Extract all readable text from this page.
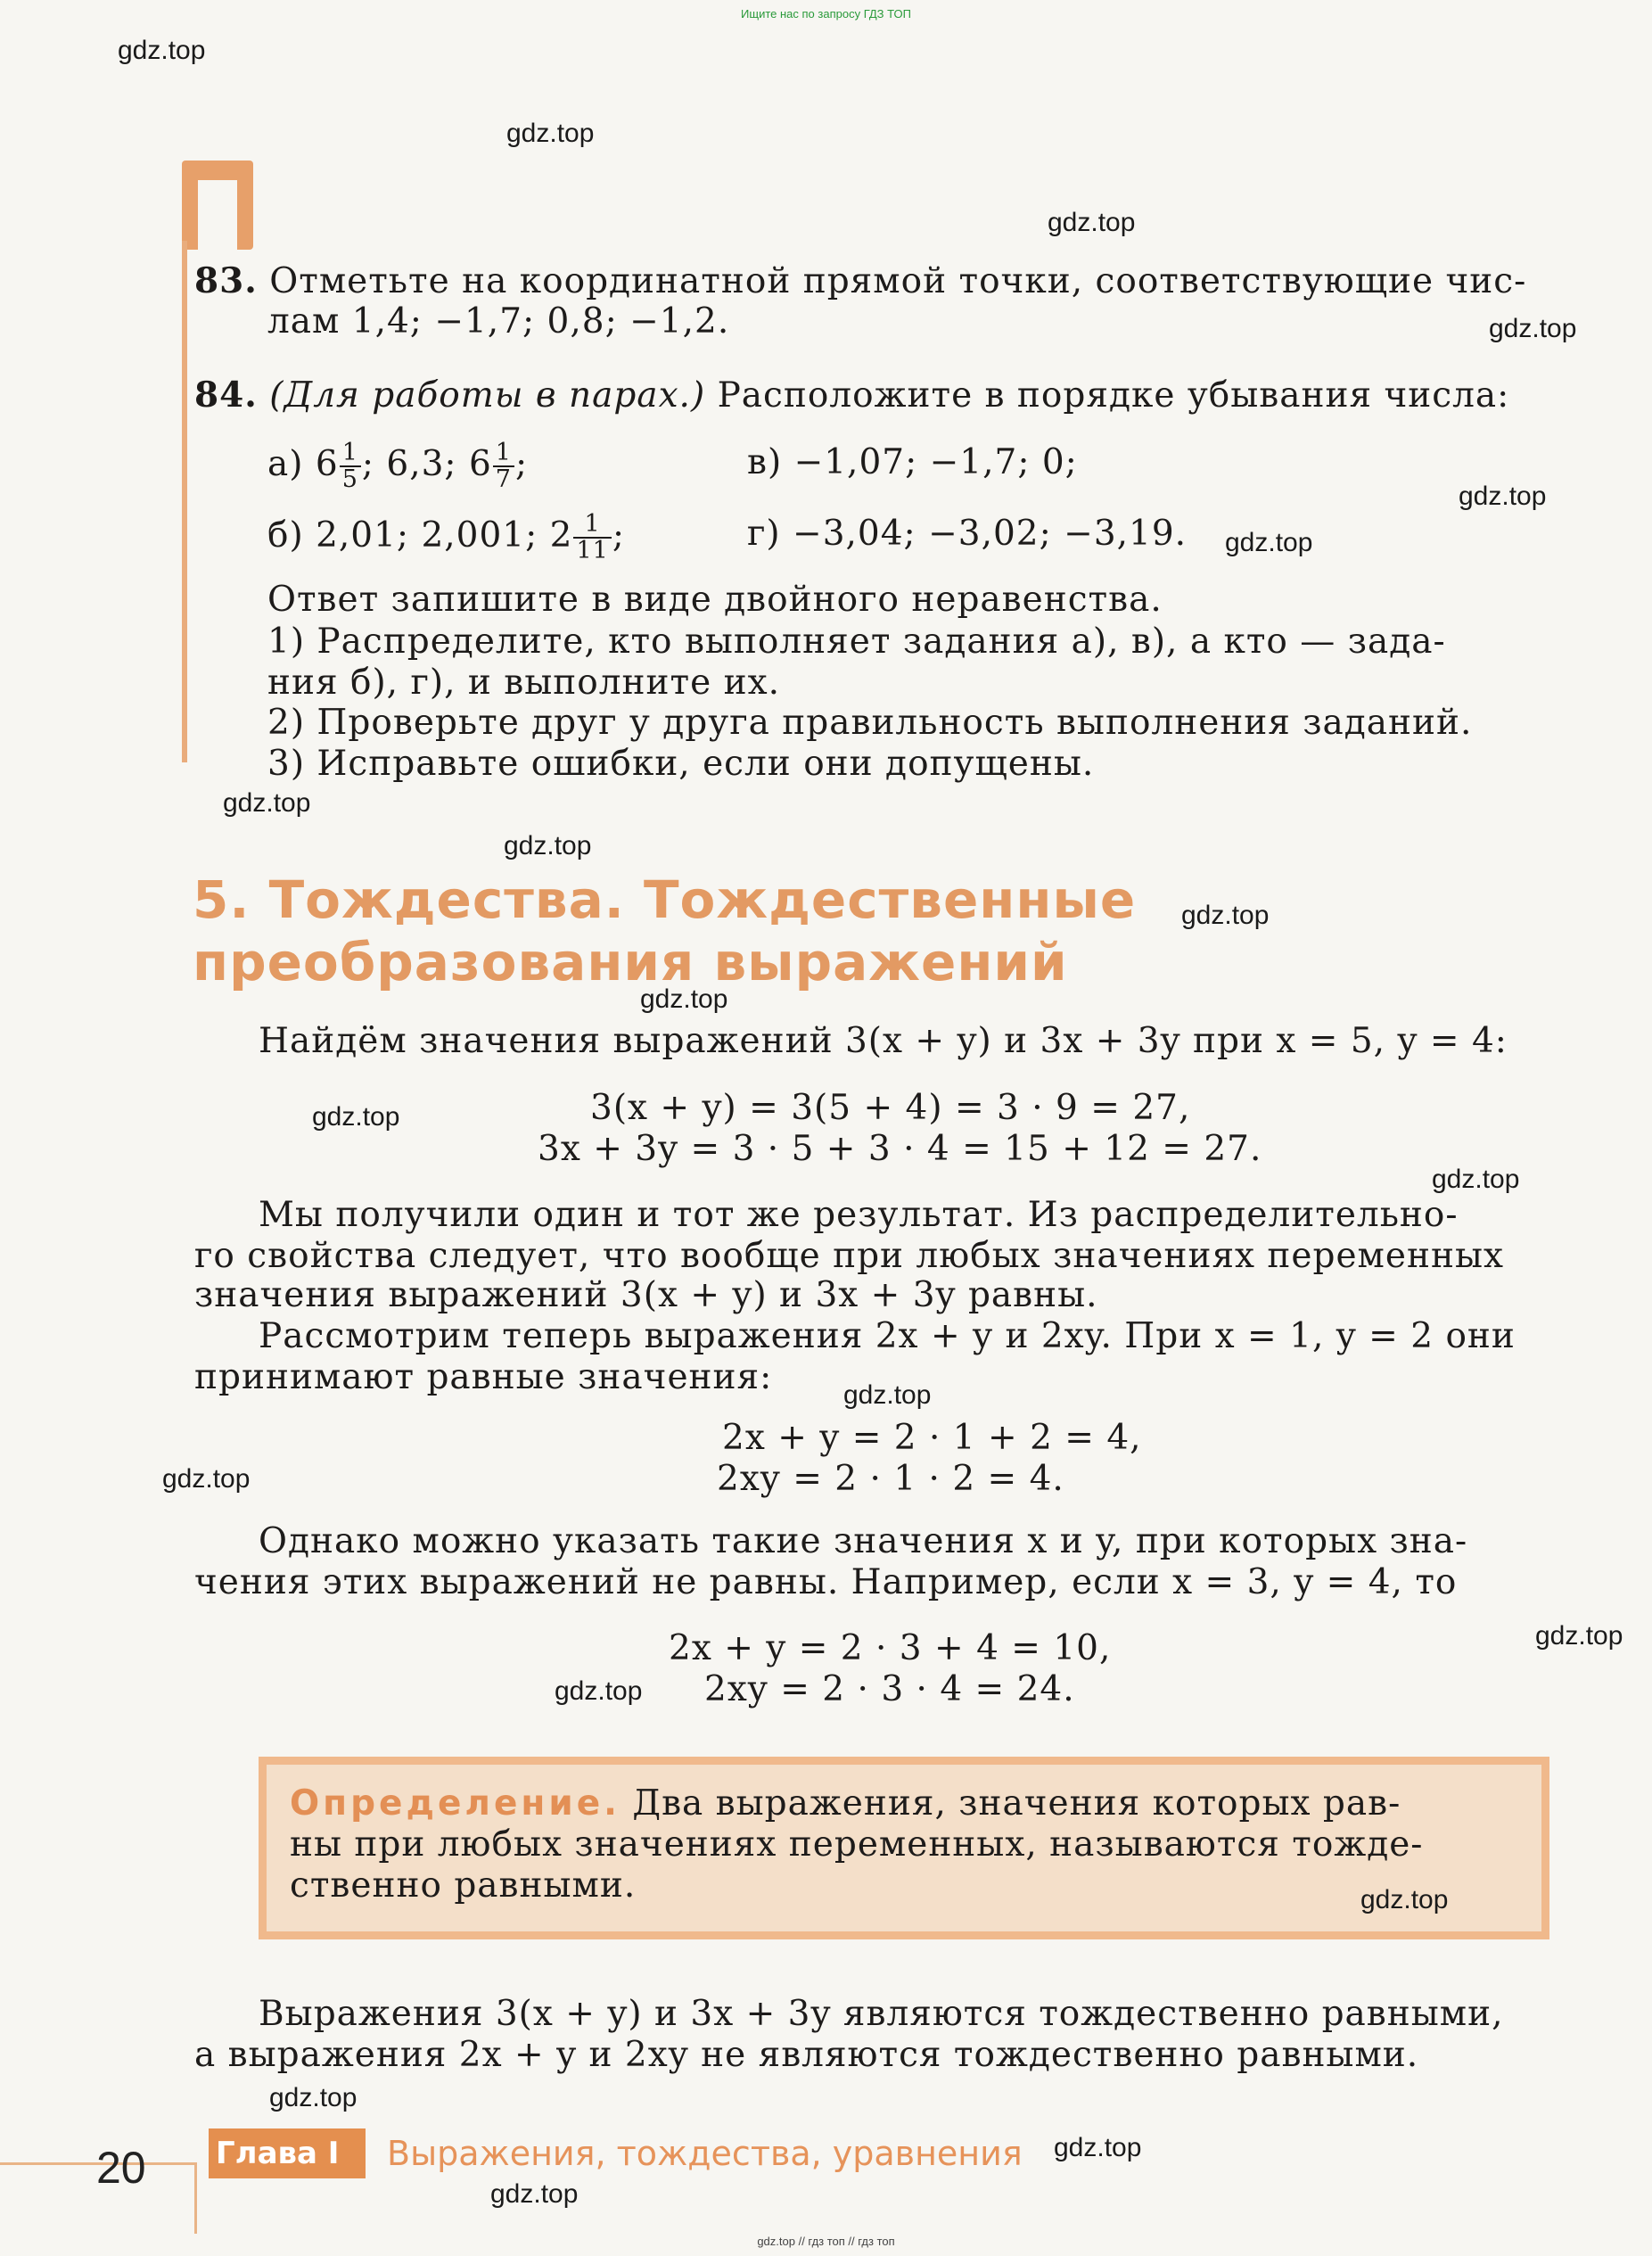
Ищите нас по запросу ГДЗ ТОП
83. Отметьте на координатной прямой точки, соответствующие чис-
лам 1,4; −1,7; 0,8; −1,2.
84. (Для работы в парах.) Расположите в порядке убывания числа:
а) $6 \frac{1}{5}$ ; 6,3; $6 \frac{1}{7}$ ;	в) −1,07; −1,7; 0;
б) 2,01; 2,001; $2 \frac{1}{11}$ ;	г) −3,04; −3,02; −3,19.
Ответ запишите в виде двойного неравенства.
1) Распределите, кто выполняет задания а), в), а кто — зада-
ния б), г), и выполните их.
2) Проверьте друг у друга правильность выполнения заданий.
3) Исправьте ошибки, если они допущены.
5. Тождества. Тождественные
преобразования выражений
Найдём значения выражений 3(x + y) и 3x + 3y при x = 5, y = 4:
3(x + y) = 3(5 + 4) = 3 · 9 = 27,
3x + 3y = 3 · 5 + 3 · 4 = 15 + 12 = 27.
Мы получили один и тот же результат. Из распределительно-
го свойства следует, что вообще при любых значениях переменных
значения выражений 3(x + y) и 3x + 3y равны.
Рассмотрим теперь выражения 2x + y и 2xy. При x = 1, y = 2 они
принимают равные значения:
2x + y = 2 · 1 + 2 = 4,
2xy = 2 · 1 · 2 = 4.
Однако можно указать такие значения x и y, при которых зна-
чения этих выражений не равны. Например, если x = 3, y = 4, то
2x + y = 2 · 3 + 4 = 10,
2xy = 2 · 3 · 4 = 24.
Определение. Два выражения, значения которых рав-
ны при любых значениях переменных, называются тожде-
ственно равными.
Выражения 3(x + y) и 3x + 3y являются тождественно равными,
а выражения 2x + y и 2xy не являются тождественно равными.
20 Глава I	Выражения, тождества, уравнения
gdz.top
gdz.top
gdz.top
gdz.top
gdz.top
gdz.top
gdz.top
gdz.top
gdz.top
gdz.top
gdz.top
gdz.top
gdz.top
gdz.top
gdz.top
gdz.top
gdz.top
gdz.top
gdz.top
gdz.top
gdz.top // гдз топ // гдз топ
